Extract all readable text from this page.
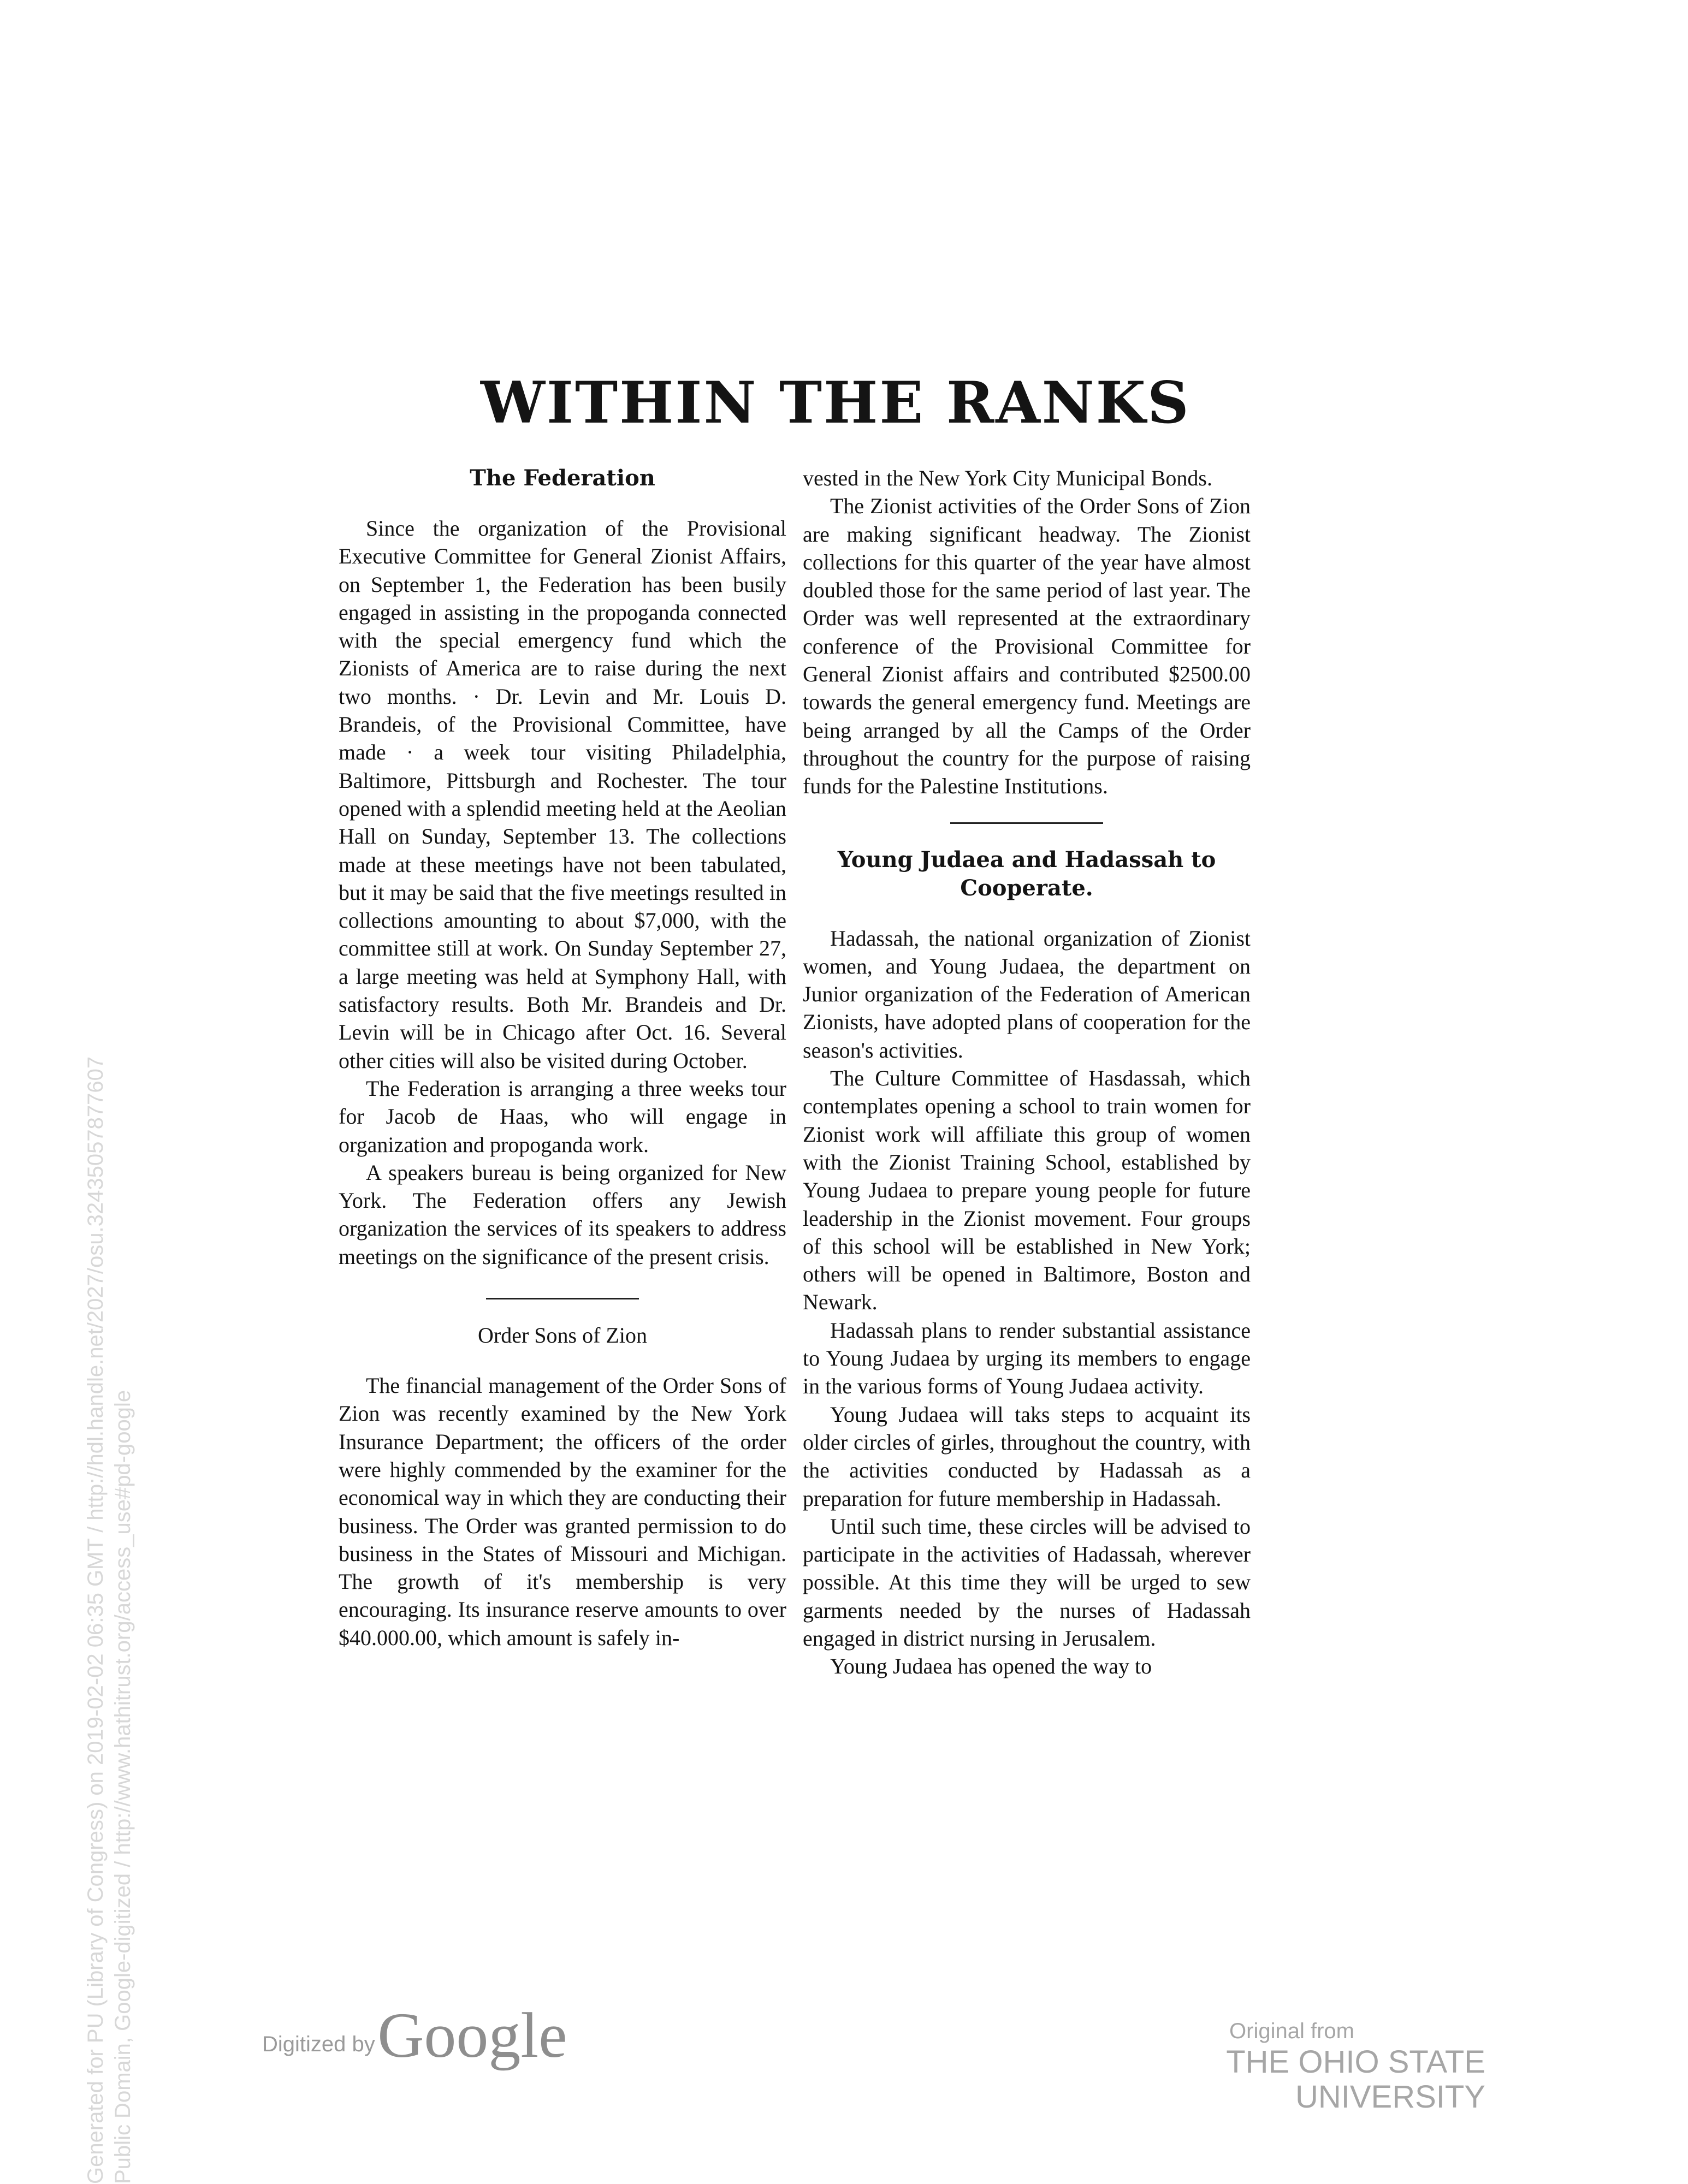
Generated for PU (Library of Congress) on 2019-02-02 06:35 GMT / http://hdl.handle.net/2027/osu.32435057877607 Public Domain, Google-digitized / http://www.hathitrust.org/access_use#pd-google
WITHIN THE RANKS
The Federation

Since the organization of the Provisional Executive Committee for General Zionist Affairs, on September 1, the Federation has been busily engaged in assisting in the propoganda connected with the special emergency fund which the Zionists of America are to raise during the next two months. · Dr. Levin and Mr. Louis D. Brandeis, of the Provisional Committee, have made · a week tour visiting Philadelphia, Baltimore, Pittsburgh and Rochester. The tour opened with a splendid meeting held at the Aeolian Hall on Sunday, September 13. The collections made at these meetings have not been tabulated, but it may be said that the five meetings resulted in collections amounting to about $7,000, with the committee still at work. On Sunday September 27, a large meeting was held at Symphony Hall, with satisfactory results. Both Mr. Brandeis and Dr. Levin will be in Chicago after Oct. 16. Several other cities will also be visited during October.

The Federation is arranging a three weeks tour for Jacob de Haas, who will engage in organization and propoganda work.

A speakers bureau is being organized for New York. The Federation offers any Jewish organization the services of its speakers to address meetings on the significance of the present crisis.

Order Sons of Zion

The financial management of the Order Sons of Zion was recently examined by the New York Insurance Department; the officers of the order were highly commended by the examiner for the economical way in which they are conducting their business. The Order was granted permission to do business in the States of Missouri and Michigan. The growth of it's membership is very encouraging. Its insurance reserve amounts to over $40.000.00, which amount is safely in-

vested in the New York City Municipal Bonds.

The Zionist activities of the Order Sons of Zion are making significant headway. The Zionist collections for this quarter of the year have almost doubled those for the same period of last year. The Order was well represented at the extraordinary conference of the Provisional Committee for General Zionist affairs and contributed $2500.00 towards the general emergency fund. Meetings are being arranged by all the Camps of the Order throughout the country for the purpose of raising funds for the Palestine Institutions.

Young Judaea and Hadassah to Cooperate.

Hadassah, the national organization of Zionist women, and Young Judaea, the department on Junior organization of the Federation of American Zionists, have adopted plans of cooperation for the season's activities.

The Culture Committee of Hasdassah, which contemplates opening a school to train women for Zionist work will affiliate this group of women with the Zionist Training School, established by Young Judaea to prepare young people for future leadership in the Zionist movement. Four groups of this school will be established in New York; others will be opened in Baltimore, Boston and Newark.

Hadassah plans to render substantial assistance to Young Judaea by urging its members to engage in the various forms of Young Judaea activity.

Young Judaea will taks steps to acquaint its older circles of girles, throughout the country, with the activities conducted by Hadassah as a preparation for future membership in Hadassah.

Until such time, these circles will be advised to participate in the activities of Hadassah, wherever possible. At this time they will be urged to sew garments needed by the nurses of Hadassah engaged in district nursing in Jerusalem.

Young Judaea has opened the way to

Digitized by Google	Original from
THE OHIO STATE UNIVERSITY
